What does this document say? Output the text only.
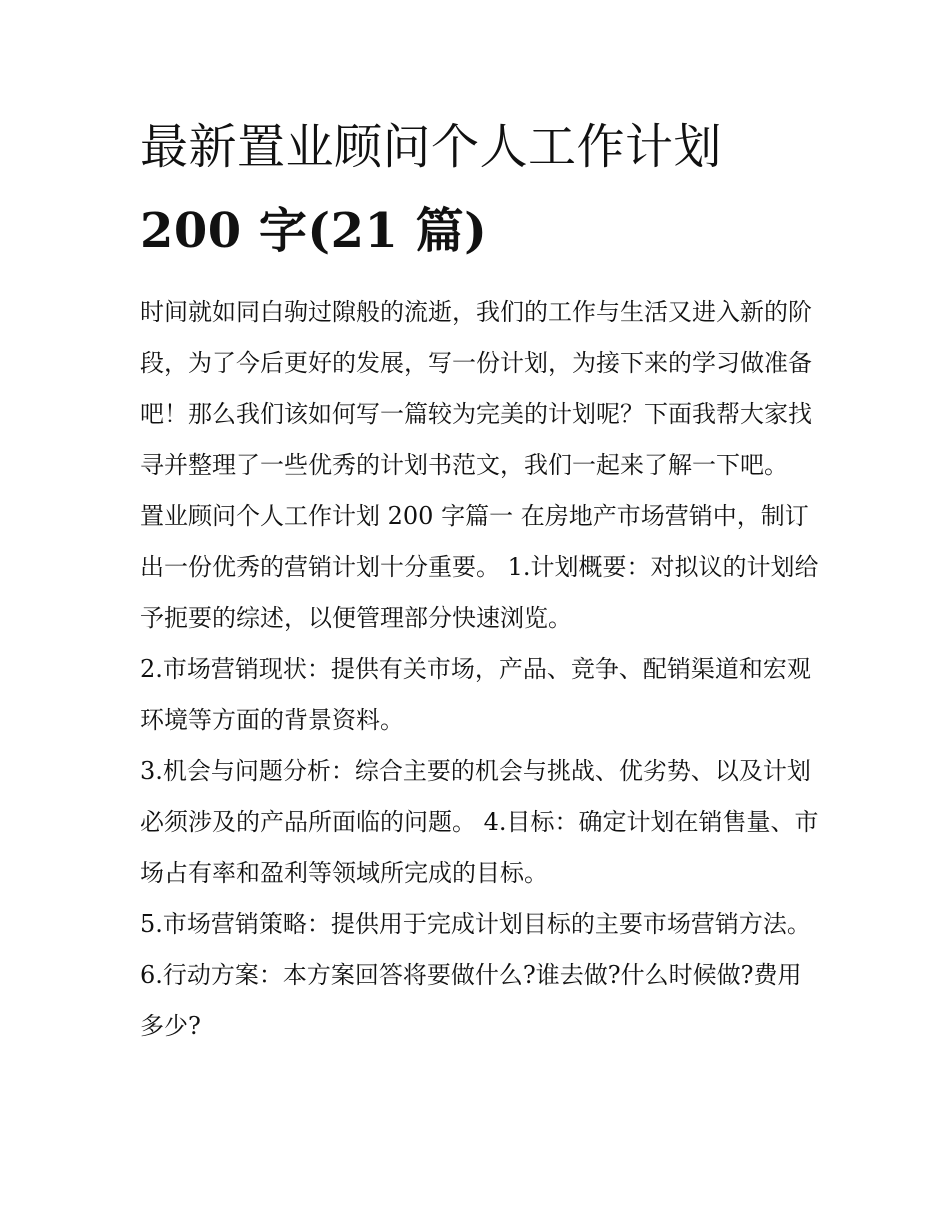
最新置业顾问个人工作计划
200 字(21 篇)

时间就如同白驹过隙般的流逝，我们的工作与生活又进入新的阶段，为了今后更好的发展，写一份计划，为接下来的学习做准备吧！那么我们该如何写一篇较为完美的计划呢？下面我帮大家找寻并整理了一些优秀的计划书范文，我们一起来了解一下吧。

置业顾问个人工作计划 200 字篇一 在房地产市场营销中，制订出一份优秀的营销计划十分重要。 1.计划概要：对拟议的计划给予扼要的综述，以便管理部分快速浏览。

2.市场营销现状：提供有关市场，产品、竞争、配销渠道和宏观环境等方面的背景资料。

3.机会与问题分析：综合主要的机会与挑战、优劣势、以及计划必须涉及的产品所面临的问题。 4.目标：确定计划在销售量、市场占有率和盈利等领域所完成的目标。

5.市场营销策略：提供用于完成计划目标的主要市场营销方法。 6.行动方案：本方案回答将要做什么?谁去做?什么时候做?费用多少?
